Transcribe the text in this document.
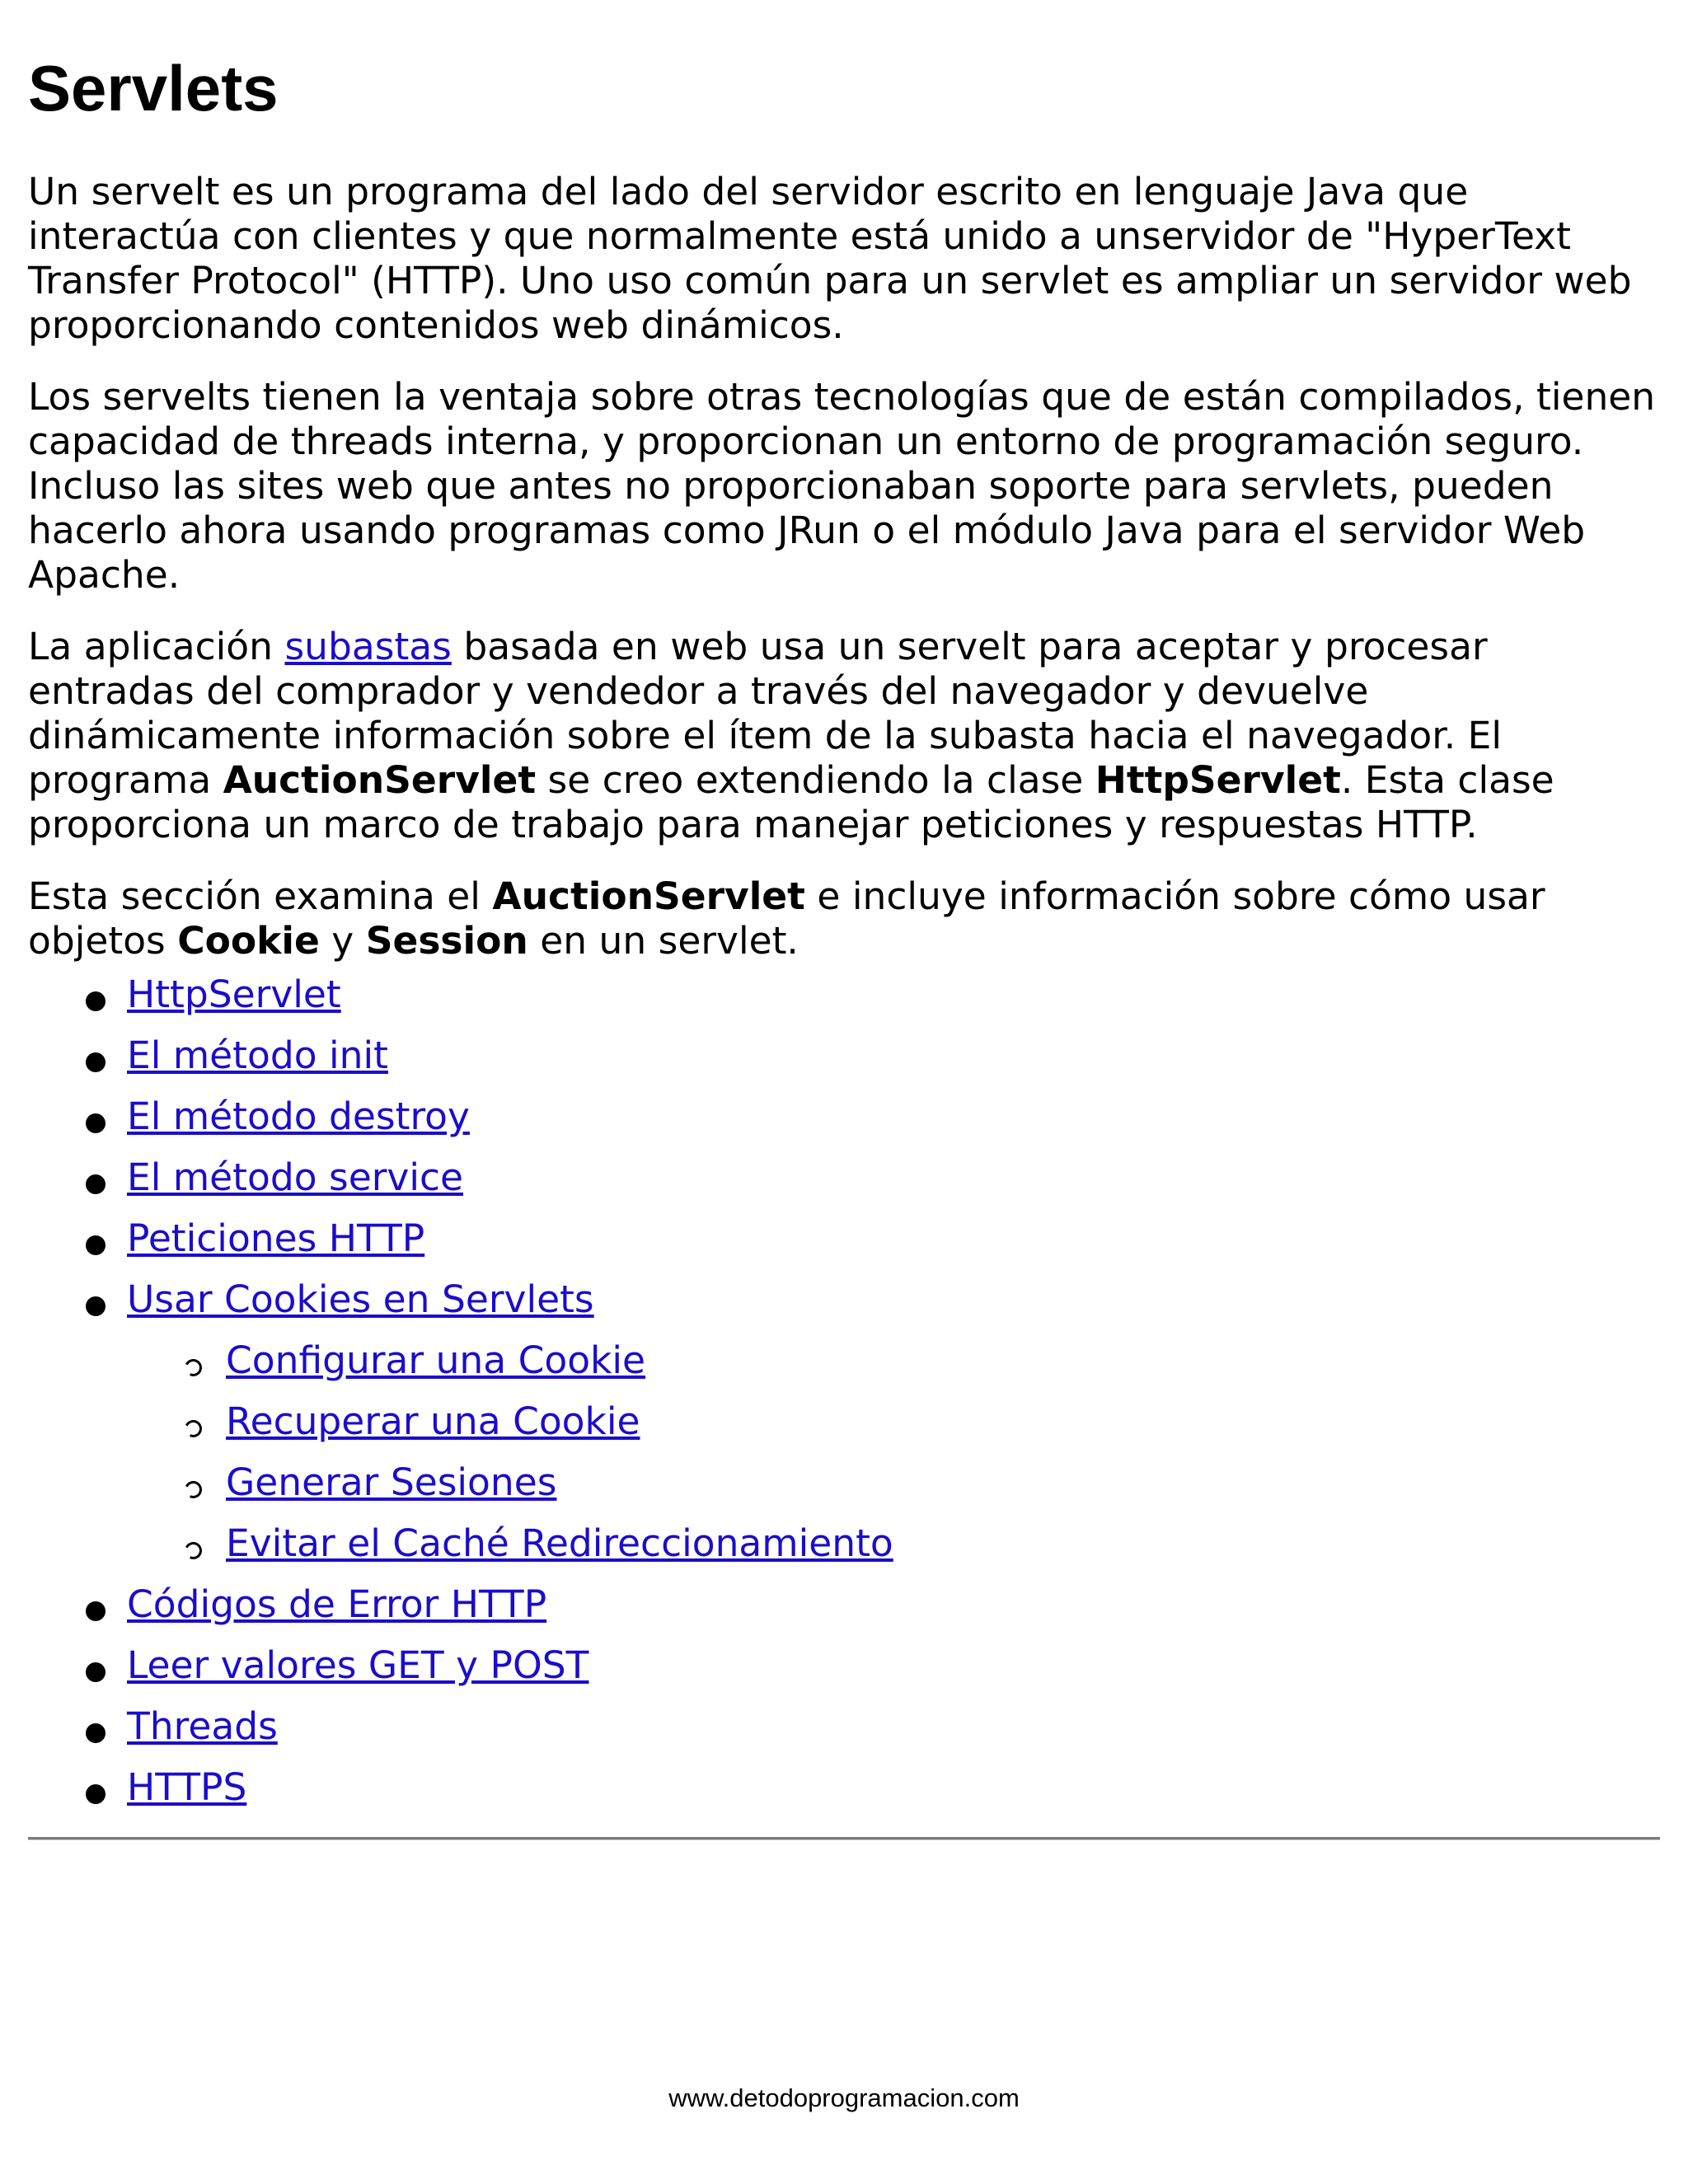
Servlets

Un servelt es un programa del lado del servidor escrito en lenguaje Java que interactúa con clientes y que normalmente está unido a unservidor de "HyperText Transfer Protocol" (HTTP). Uno uso común para un servlet es ampliar un servidor web proporcionando contenidos web dinámicos.

Los servelts tienen la ventaja sobre otras tecnologías que de están compilados, tienen capacidad de threads interna, y proporcionan un entorno de programación seguro. Incluso las sites web que antes no proporcionaban soporte para servlets, pueden hacerlo ahora usando programas como JRun o el módulo Java para el servidor Web Apache.

La aplicación subastas basada en web usa un servelt para aceptar y procesar entradas del comprador y vendedor a través del navegador y devuelve dinámicamente información sobre el ítem de la subasta hacia el navegador. El programa AuctionServlet se creo extendiendo la clase HttpServlet. Esta clase proporciona un marco de trabajo para manejar peticiones y respuestas HTTP.

Esta sección examina el AuctionServlet e incluye información sobre cómo usar objetos Cookie y Session en un servlet.

HttpServlet
El método init
El método destroy
El método service
Peticiones HTTP
Usar Cookies en Servlets
Configurar una Cookie
Recuperar una Cookie
Generar Sesiones
Evitar el Caché Redireccionamiento
Códigos de Error HTTP
Leer valores GET y POST
Threads
HTTPS
www.detodoprogramacion.com
